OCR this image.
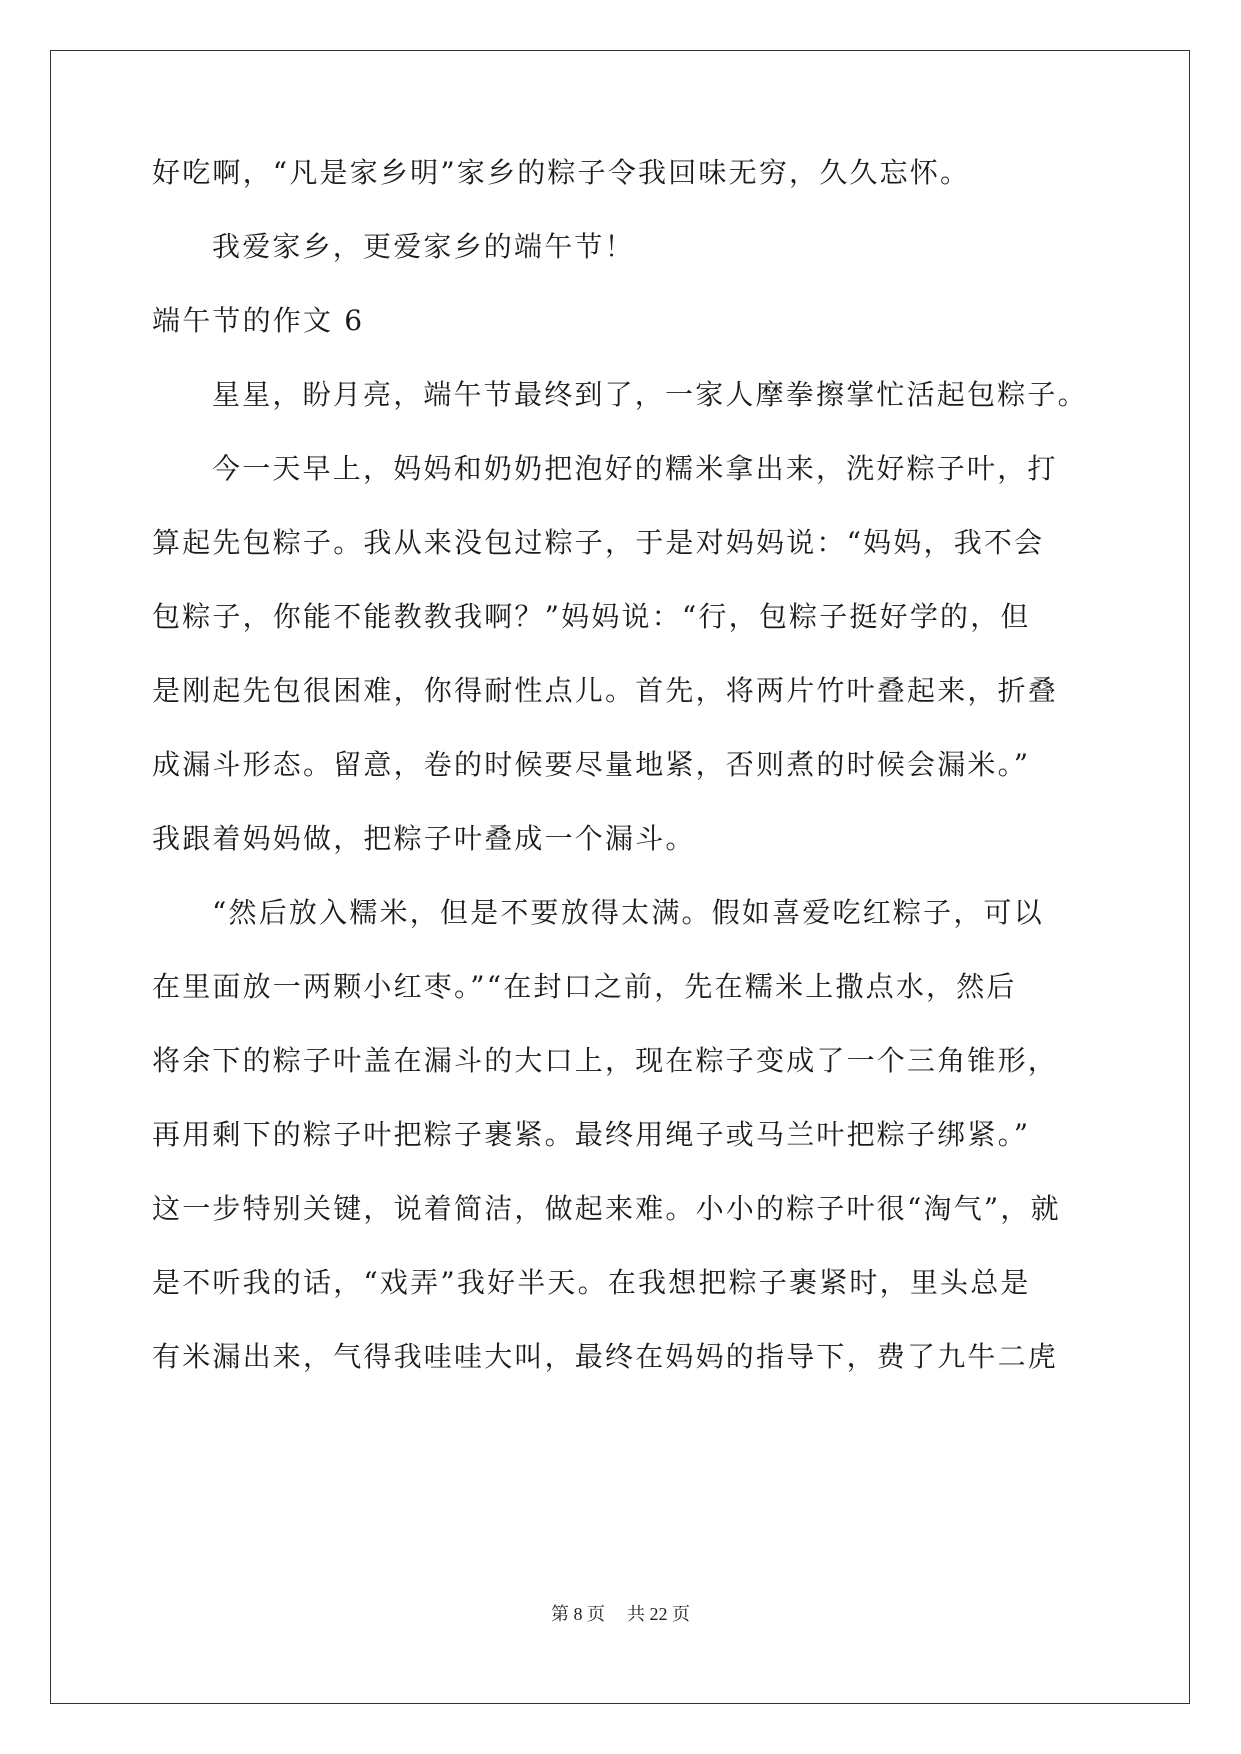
好吃啊，“凡是家乡明”家乡的粽子令我回味无穷，久久忘怀。
我爱家乡，更爱家乡的端午节！
端午节的作文 6
星星，盼月亮，端午节最终到了，一家人摩拳擦掌忙活起包粽子。
今一天早上，妈妈和奶奶把泡好的糯米拿出来，洗好粽子叶，打
算起先包粽子。我从来没包过粽子，于是对妈妈说：“妈妈，我不会
包粽子，你能不能教教我啊？”妈妈说：“行，包粽子挺好学的，但
是刚起先包很困难，你得耐性点儿。首先，将两片竹叶叠起来，折叠
成漏斗形态。留意，卷的时候要尽量地紧，否则煮的时候会漏米。”
我跟着妈妈做，把粽子叶叠成一个漏斗。
“然后放入糯米，但是不要放得太满。假如喜爱吃红粽子，可以
在里面放一两颗小红枣。”“在封口之前，先在糯米上撒点水，然后
将余下的粽子叶盖在漏斗的大口上，现在粽子变成了一个三角锥形，
再用剩下的粽子叶把粽子裹紧。最终用绳子或马兰叶把粽子绑紧。”
这一步特别关键，说着简洁，做起来难。小小的粽子叶很“淘气”，就
是不听我的话，“戏弄”我好半天。在我想把粽子裹紧时，里头总是
有米漏出来，气得我哇哇大叫，最终在妈妈的指导下，费了九牛二虎
第 8 页 共 22 页
